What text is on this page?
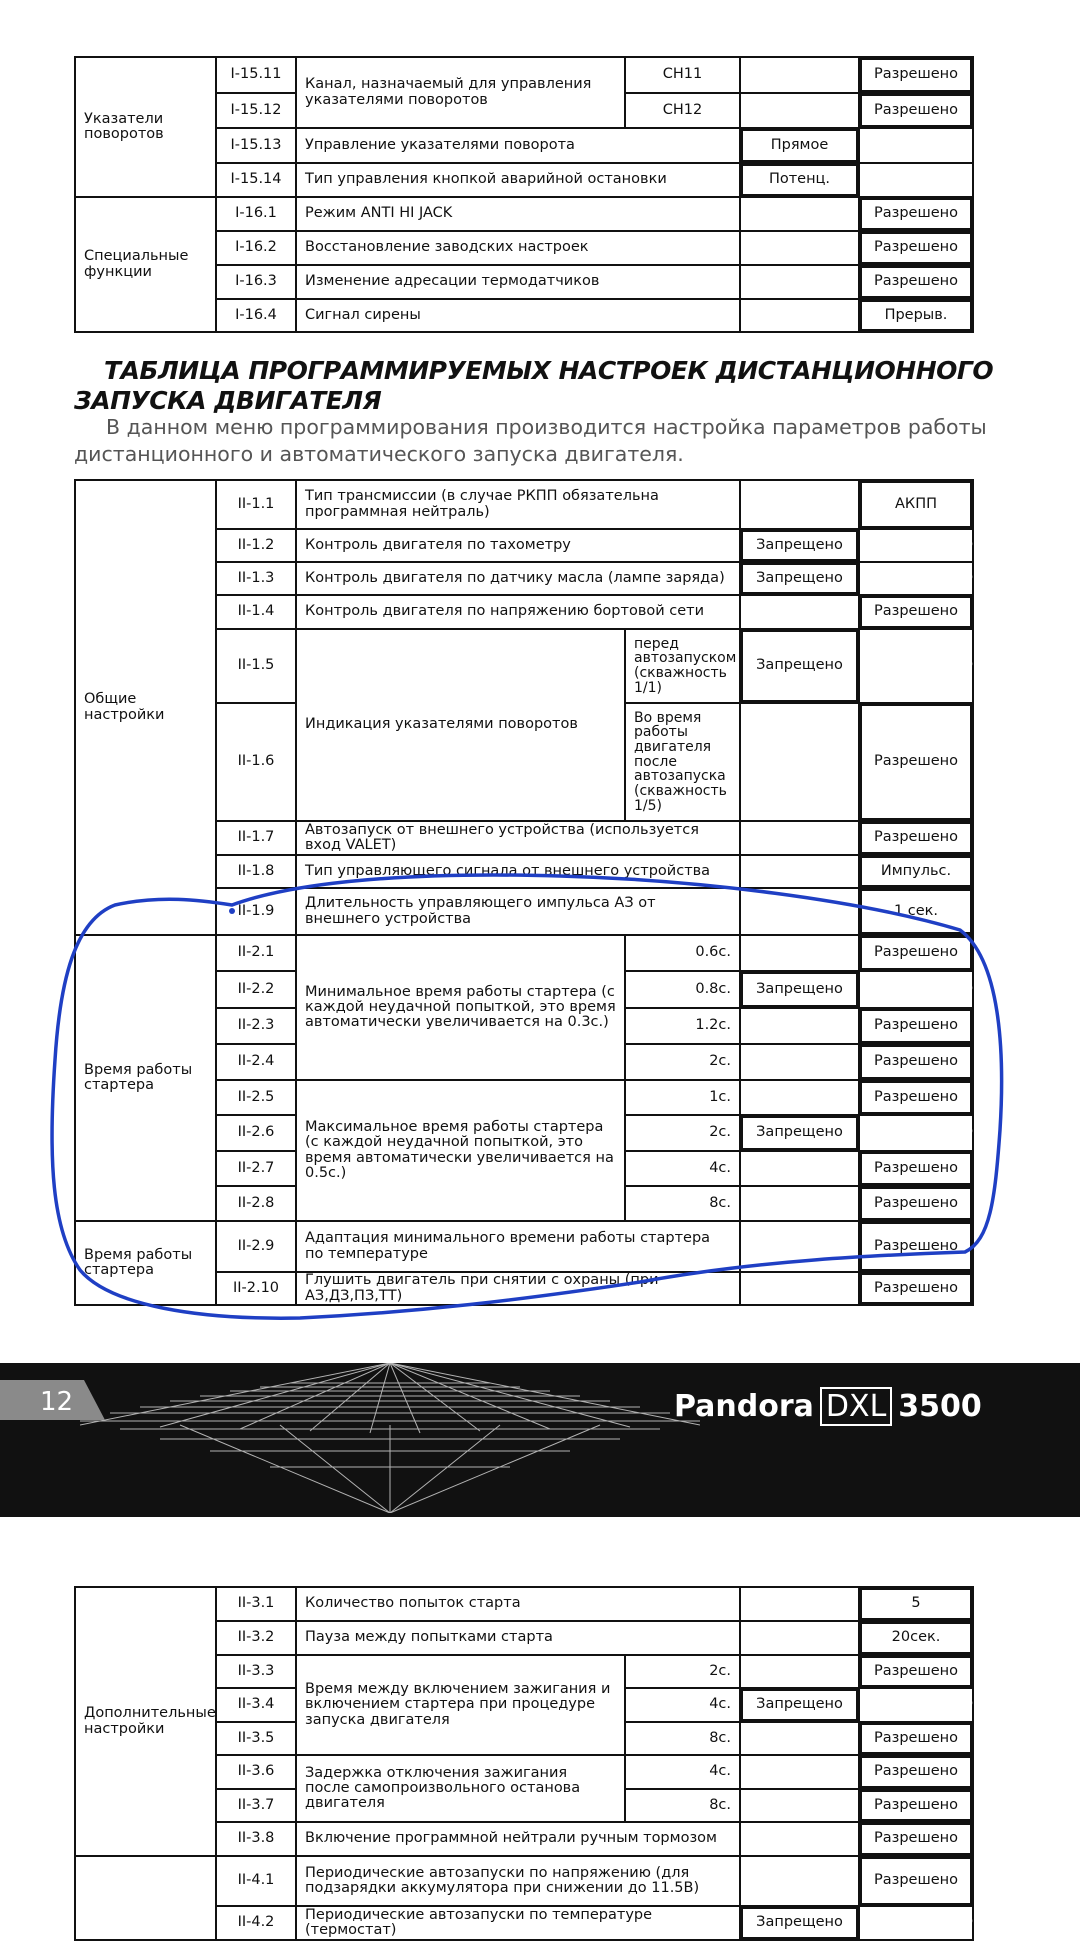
Указатели поворотов	I-15.11	Канал, назначаемый для управления указателями поворотов	CH11	ЗАПРЕЩЕНО	Разрешено
	I-15.12		CH12	ЗАПРЕЩЕНО	Разрешено
	I-15.13	Управление указателями поворота		Прямое	КНОПКОЙ
	I-15.14	Тип управления кнопкой аварийной остановки		Потенц.	ИМПУЛЬС.
Специальные функции	I-16.1	Режим ANTI HI JACK		ЗАПРЕЩЕНО	Разрешено
	I-16.2	Восстановление заводских настроек		ЗАПРЕЩЕНО	Разрешено
	I-16.3	Изменение адресации термодатчиков		ЗАПРЕЩЕНО	Разрешено
	I-16.4	Сигнал сирены		ПОСТОЯН.	Прерыв.
ТАБЛИЦА ПРОГРАММИРУЕМЫХ НАСТРОЕК ДИСТАНЦИОННОГО
ЗАПУСКА ДВИГАТЕЛЯ
В данном меню программирования производится настройка параметров работы дистанционного и автоматического запуска двигателя.
Общие настройки	II-1.1	Тип трансмиссии (в случае РКПП обязательна программная нейтраль)		РКПП	АКПП
	II-1.2	Контроль двигателя по тахометру		Запрещено	РАЗРЕШЕНО
	II-1.3	Контроль двигателя по датчику масла (лампе заряда)		Запрещено	РАЗРЕШЕНО
	II-1.4	Контроль двигателя по напряжению бортовой сети		ЗАПРЕЩЕНО	Разрешено
	II-1.5	Индикация указателями поворотов	перед автозапуском (скважность 1/1)	Запрещено	РАЗРЕШЕНО
	II-1.6		Во время работы двигателя после автозапуска (скважность 1/5)	ЗАПРЕЩЕНО	Разрешено
	II-1.7	Автозапуск от внешнего устройства (используется вход VALET)		ЗАПРЕЩЕНО	Разрешено
	II-1.8	Тип управляющего сигнала от внешнего устройства		ПОТЕНЦ.	Импульс.
	II-1.9	Длительность управляющего импульса АЗ от внешнего устройства		4 СЕК.	1 сек.
Время работы стартера	II-2.1	Минимальное время работы стартера (с каждой неудачной попыткой, это время автоматически увеличивается на 0.3с.)	0.6с.	ЗАПРЕЩЕНО	Разрешено
	II-2.2		0.8с.	Запрещено	РАЗРЕШЕНО
	II-2.3		1.2с.	ЗАПРЕЩЕНО	Разрешено
	II-2.4		2с.	ЗАПРЕЩЕНО	Разрешено
	II-2.5	Максимальное время работы стартера (с каждой неудачной попыткой, это время автоматически увеличивается на 0.5с.)	1с.	ЗАПРЕЩЕНО	Разрешено
	II-2.6		2с.	Запрещено	РАЗРЕШЕНО
	II-2.7		4с.	ЗАПРЕЩЕНО	Разрешено
	II-2.8		8с.	ЗАПРЕЩЕНО	Разрешено
Время работы стартера	II-2.9	Адаптация минимального времени работы стартера по температуре		ЗАПРЕЩЕНО	Разрешено
	II-2.10	Глушить двигатель при снятии с охраны (при АЗ,ДЗ,ПЗ,ТТ)		ЗАПРЕЩЕНО	Разрешено
12	Pandora DXL 3500
Дополнительные настройки	II-3.1	Количество попыток старта		3	5
	II-3.2	Пауза между попытками старта		10СЕК.	20сек.
	II-3.3	Время между включением зажигания и включением стартера при процедуре запуска двигателя	2с.	ЗАПРЕЩЕНО	Разрешено
	II-3.4		4с.	Запрещено	РАЗРЕШЕНО
	II-3.5		8с.	ЗАПРЕЩЕНО	Разрешено
	II-3.6	Задержка отключения зажигания после самопроизвольного останова двигателя	4с.	ЗАПРЕЩЕНО	Разрешено
	II-3.7		8с.	ЗАПРЕЩЕНО	Разрешено
	II-3.8	Включение программной нейтрали ручным тормозом		ЗАПРЕЩЕНО	Разрешено
	II-4.1	Периодические автозапуски по напряжению (для подзарядки аккумулятора при снижении до 11.5В)		ЗАПРЕЩЕНО	Разрешено
	II-4.2	Периодические автозапуски по температуре (термостат)		Запрещено	РАЗРЕШЕНО
